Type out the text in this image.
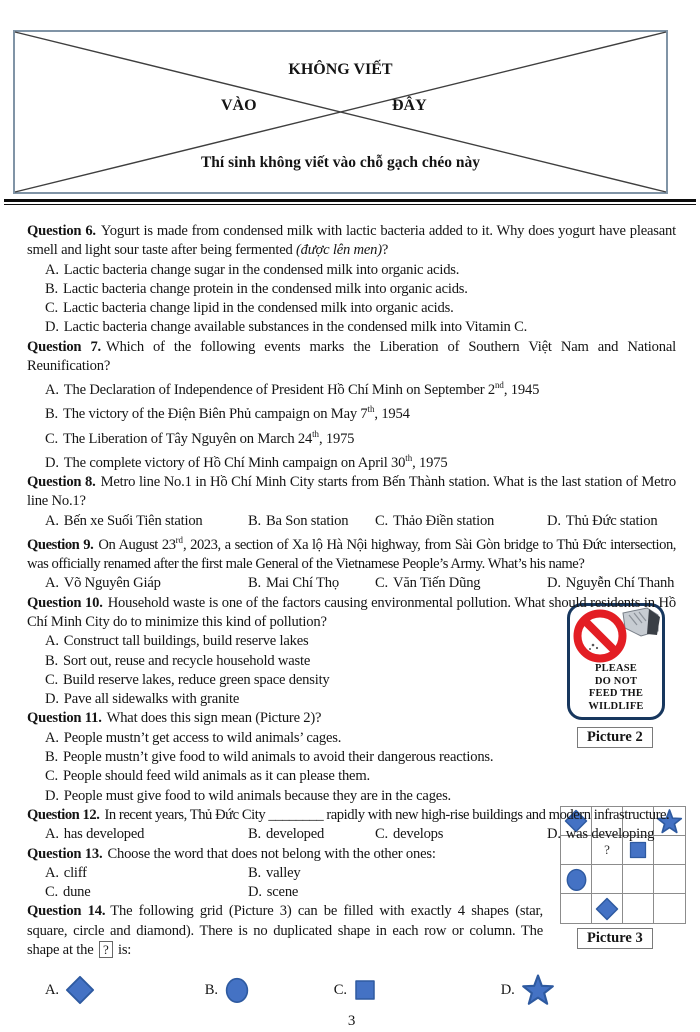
KHÔNG VIẾT
VÀO	ĐÂY
Thí sinh không viết vào chỗ gạch chéo này
PLEASE
DO NOT
FEED THE
WILDLIFE
Picture 2
?
Picture 3

Question 6. Yogurt is made from condensed milk with lactic bacteria added to it. Why does yogurt have pleasant smell and light sour taste after being fermented (được lên men)?

A. Lactic bacteria change sugar in the condensed milk into organic acids.
B. Lactic bacteria change protein in the condensed milk into organic acids.
C. Lactic bacteria change lipid in the condensed milk into organic acids.
D. Lactic bacteria change available substances in the condensed milk into Vitamin C.

Question 7. Which of the following events marks the Liberation of Southern Việt Nam and National Reunification?

A. The Declaration of Independence of President Hồ Chí Minh on September 2nd, 1945
B. The victory of the Điện Biên Phủ campaign on May 7th, 1954
C. The Liberation of Tây Nguyên on March 24th, 1975
D. The complete victory of Hồ Chí Minh campaign on April 30th, 1975

Question 8. Metro line No.1 in Hồ Chí Minh City starts from Bến Thành station. What is the last station of Metro line No.1?

A. Bến xe Suối Tiên station	B. Ba Son station	C. Thảo Điền station	D. Thủ Đức station

Question 9. On August 23rd, 2023, a section of Xa lộ Hà Nội highway, from Sài Gòn bridge to Thủ Đức intersection, was officially renamed after the first male General of the Vietnamese People’s Army. What’s his name?

A. Võ Nguyên Giáp	B. Mai Chí Thọ	C. Văn Tiến Dũng	D. Nguyễn Chí Thanh

Question 10. Household waste is one of the factors causing environmental pollution. What should residents in Hồ Chí Minh City do to minimize this kind of pollution?

A. Construct tall buildings, build reserve lakes
B. Sort out, reuse and recycle household waste
C. Build reserve lakes, reduce green space density
D. Pave all sidewalks with granite

Question 11. What does this sign mean (Picture 2)?

A. People mustn’t get access to wild animals’ cages.
B. People mustn’t give food to wild animals to avoid their dangerous reactions.
C. People should feed wild animals as it can please them.
D. People must give food to wild animals because they are in the cages.

Question 12. In recent years, Thủ Đức City ________ rapidly with new high-rise buildings and modern infrastructure.

A. has developed	B. developed	C. develops	D. was developing

Question 13. Choose the word that does not belong with the other ones:

A. cliff	B. valley
C. dune	D. scene

Question 14. The following grid (Picture 3) can be filled with exactly 4 shapes (star, square, circle and diamond). There is no duplicated shape in each row or column. The shape at the ? is:

A.	B.	C.	D.
3
